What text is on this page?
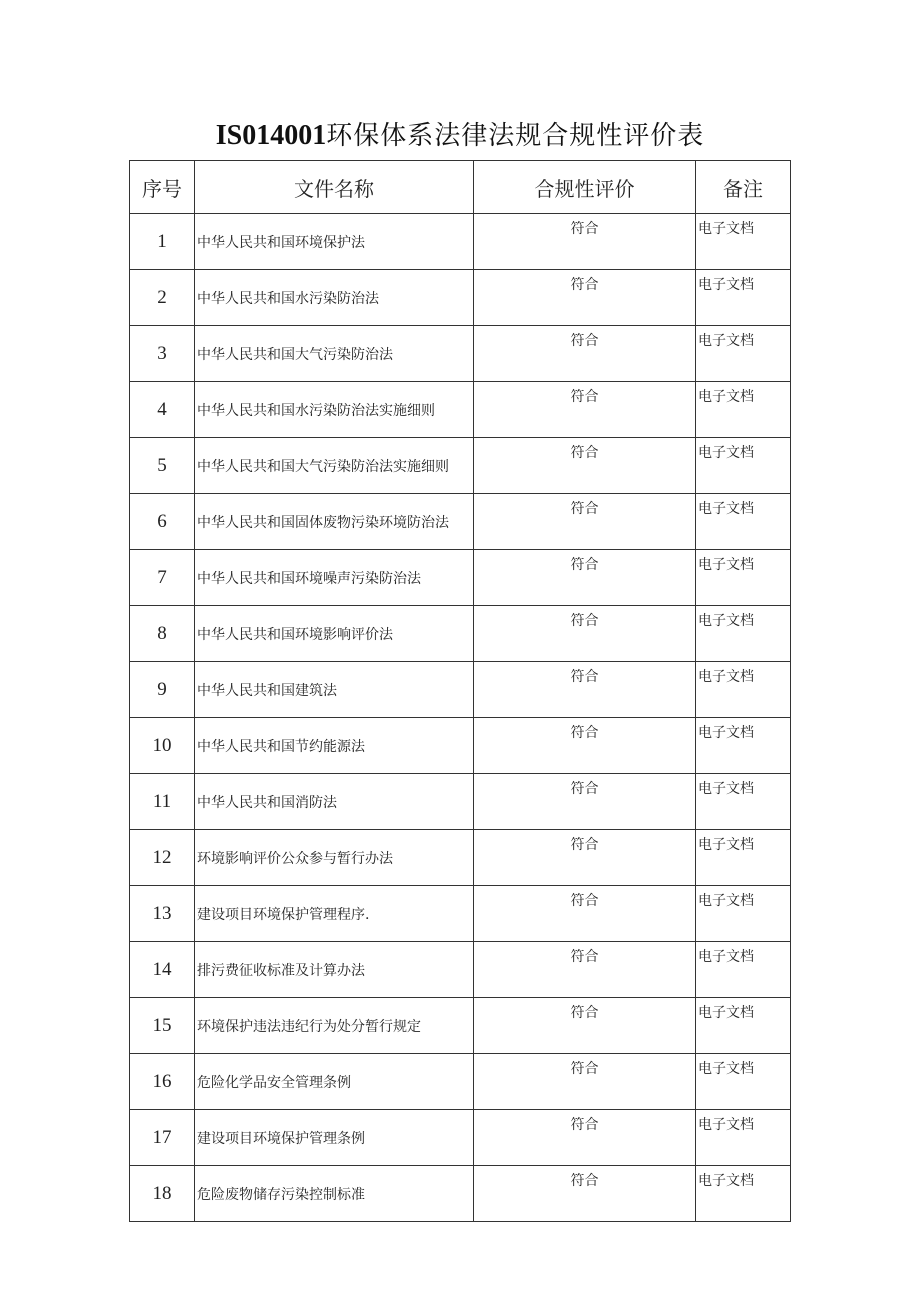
IS014001环保体系法律法规合规性评价表
序号	文件名称	合规性评价	备注
1	中华人民共和国环境保护法	符合	电子文档
2	中华人民共和国水污染防治法	符合	电子文档
3	中华人民共和国大气污染防治法	符合	电子文档
4	中华人民共和国水污染防治法实施细则	符合	电子文档
5	中华人民共和国大气污染防治法实施细则	符合	电子文档
6	中华人民共和国固体废物污染环境防治法	符合	电子文档
7	中华人民共和国环境噪声污染防治法	符合	电子文档
8	中华人民共和国环境影响评价法	符合	电子文档
9	中华人民共和国建筑法	符合	电子文档
10	中华人民共和国节约能源法	符合	电子文档
11	中华人民共和国消防法	符合	电子文档
12	环境影响评价公众参与暂行办法	符合	电子文档
13	建设项目环境保护管理程序.	符合	电子文档
14	排污费征收标准及计算办法	符合	电子文档
15	环境保护违法违纪行为处分暂行规定	符合	电子文档
16	危险化学品安全管理条例	符合	电子文档
17	建设项目环境保护管理条例	符合	电子文档
18	危险废物储存污染控制标准	符合	电子文档
